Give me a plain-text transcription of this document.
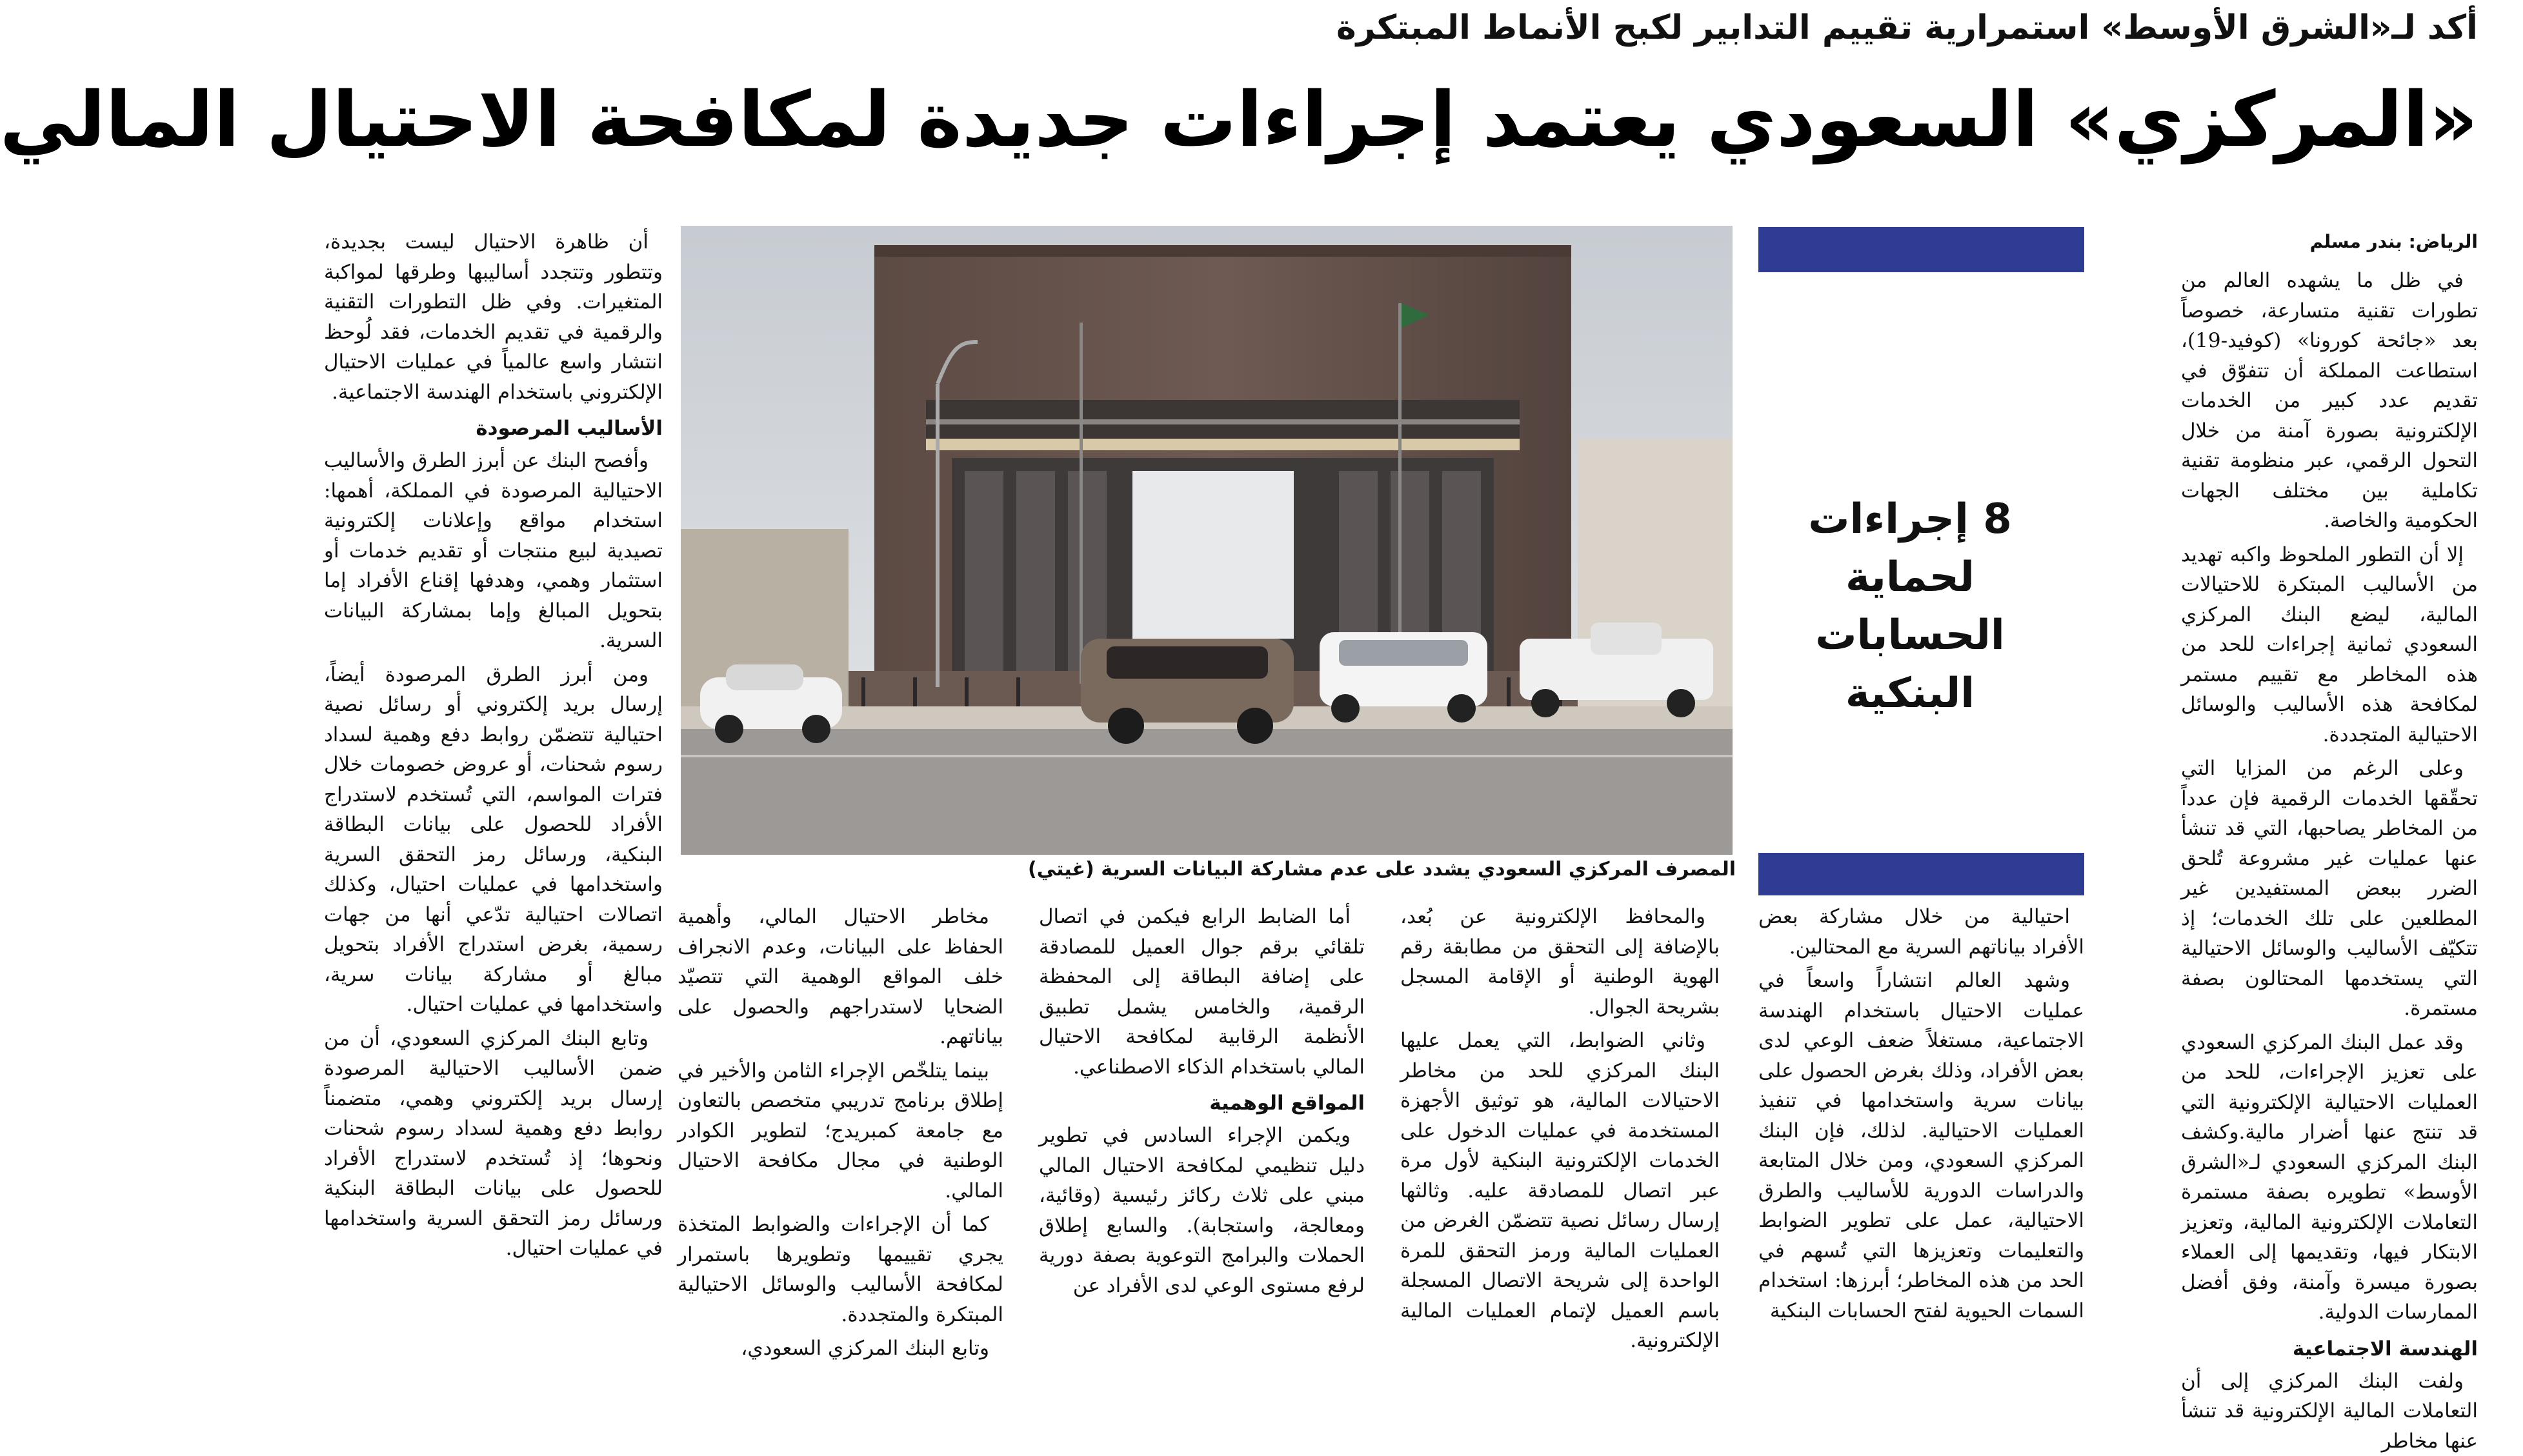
أكد لـ«الشرق الأوسط» استمرارية تقييم التدابير لكبح الأنماط المبتكرة
«المركزي» السعودي يعتمد إجراءات جديدة لمكافحة الاحتيال المالي
الرياض: بندر مسلم

في ظل ما يشهده العالم من تطورات تقنية متسارعة، خصوصاً بعد «جائحة كورونا» (كوفيد-19)، استطاعت المملكة أن تتفوّق في تقديم عدد كبير من الخدمات الإلكترونية بصورة آمنة من خلال التحول الرقمي، عبر منظومة تقنية تكاملية بين مختلف الجهات الحكومية والخاصة.

إلا أن التطور الملحوظ واكبه تهديد من الأساليب المبتكرة للاحتيالات المالية، ليضع البنك المركزي السعودي ثمانية إجراءات للحد من هذه المخاطر مع تقييم مستمر لمكافحة هذه الأساليب والوسائل الاحتيالية المتجددة.

وعلى الرغم من المزايا التي تحقّقها الخدمات الرقمية فإن عدداً من المخاطر يصاحبها، التي قد تنشأ عنها عمليات غير مشروعة تُلحق الضرر ببعض المستفيدين غير المطلعين على تلك الخدمات؛ إذ تتكيّف الأساليب والوسائل الاحتيالية التي يستخدمها المحتالون بصفة مستمرة.

وقد عمل البنك المركزي السعودي على تعزيز الإجراءات، للحد من العمليات الاحتيالية الإلكترونية التي قد تنتج عنها أضرار مالية.وكشف البنك المركزي السعودي لـ«الشرق الأوسط» تطويره بصفة مستمرة التعاملات الإلكترونية المالية، وتعزيز الابتكار فيها، وتقديمها إلى العملاء بصورة ميسرة وآمنة، وفق أفضل الممارسات الدولية.

الهندسة الاجتماعية

ولفت البنك المركزي إلى أن التعاملات المالية الإلكترونية قد تنشأ عنها مخاطر

8 إجراءات لحماية
الحسابات البنكية

احتيالية من خلال مشاركة بعض الأفراد بياناتهم السرية مع المحتالين.

وشهد العالم انتشاراً واسعاً في عمليات الاحتيال باستخدام الهندسة الاجتماعية، مستغلاً ضعف الوعي لدى بعض الأفراد، وذلك بغرض الحصول على بيانات سرية واستخدامها في تنفيذ العمليات الاحتيالية. لذلك، فإن البنك المركزي السعودي، ومن خلال المتابعة والدراسات الدورية للأساليب والطرق الاحتيالية، عمل على تطوير الضوابط والتعليمات وتعزيزها التي تُسهم في الحد من هذه المخاطر؛ أبرزها: استخدام السمات الحيوية لفتح الحسابات البنكية

المصرف المركزي السعودي يشدد على عدم مشاركة البيانات السرية (غيتي)

والمحافظ الإلكترونية عن بُعد، بالإضافة إلى التحقق من مطابقة رقم الهوية الوطنية أو الإقامة المسجل بشريحة الجوال.

وثاني الضوابط، التي يعمل عليها البنك المركزي للحد من مخاطر الاحتيالات المالية، هو توثيق الأجهزة المستخدمة في عمليات الدخول على الخدمات الإلكترونية البنكية لأول مرة عبر اتصال للمصادقة عليه. وثالثها إرسال رسائل نصية تتضمّن الغرض من العمليات المالية ورمز التحقق للمرة الواحدة إلى شريحة الاتصال المسجلة باسم العميل لإتمام العمليات المالية الإلكترونية.

أما الضابط الرابع فيكمن في اتصال تلقائي برقم جوال العميل للمصادقة على إضافة البطاقة إلى المحفظة الرقمية، والخامس يشمل تطبيق الأنظمة الرقابية لمكافحة الاحتيال المالي باستخدام الذكاء الاصطناعي.

المواقع الوهمية

ويكمن الإجراء السادس في تطوير دليل تنظيمي لمكافحة الاحتيال المالي مبني على ثلاث ركائز رئيسية (وقائية، ومعالجة، واستجابة). والسابع إطلاق الحملات والبرامج التوعوية بصفة دورية لرفع مستوى الوعي لدى الأفراد عن

مخاطر الاحتيال المالي، وأهمية الحفاظ على البيانات، وعدم الانجراف خلف المواقع الوهمية التي تتصيّد الضحايا لاستدراجهم والحصول على بياناتهم.

بينما يتلخّص الإجراء الثامن والأخير في إطلاق برنامج تدريبي متخصص بالتعاون مع جامعة كمبريدج؛ لتطوير الكوادر الوطنية في مجال مكافحة الاحتيال المالي.

كما أن الإجراءات والضوابط المتخذة يجري تقييمها وتطويرها باستمرار لمكافحة الأساليب والوسائل الاحتيالية المبتكرة والمتجددة.

وتابع البنك المركزي السعودي،

أن ظاهرة الاحتيال ليست بجديدة، وتتطور وتتجدد أساليبها وطرقها لمواكبة المتغيرات. وفي ظل التطورات التقنية والرقمية في تقديم الخدمات، فقد لُوحظ انتشار واسع عالمياً في عمليات الاحتيال الإلكتروني باستخدام الهندسة الاجتماعية.

الأساليب المرصودة

وأفصح البنك عن أبرز الطرق والأساليب الاحتيالية المرصودة في المملكة، أهمها: استخدام مواقع وإعلانات إلكترونية تصيدية لبيع منتجات أو تقديم خدمات أو استثمار وهمي، وهدفها إقناع الأفراد إما بتحويل المبالغ وإما بمشاركة البيانات السرية.

ومن أبرز الطرق المرصودة أيضاً، إرسال بريد إلكتروني أو رسائل نصية احتيالية تتضمّن روابط دفع وهمية لسداد رسوم شحنات، أو عروض خصومات خلال فترات المواسم، التي تُستخدم لاستدراج الأفراد للحصول على بيانات البطاقة البنكية، ورسائل رمز التحقق السرية واستخدامها في عمليات احتيال، وكذلك اتصالات احتيالية تدّعي أنها من جهات رسمية، بغرض استدراج الأفراد بتحويل مبالغ أو مشاركة بيانات سرية، واستخدامها في عمليات احتيال.

وتابع البنك المركزي السعودي، أن من ضمن الأساليب الاحتيالية المرصودة إرسال بريد إلكتروني وهمي، متضمناً روابط دفع وهمية لسداد رسوم شحنات ونحوها؛ إذ تُستخدم لاستدراج الأفراد للحصول على بيانات البطاقة البنكية ورسائل رمز التحقق السرية واستخدامها في عمليات احتيال.
